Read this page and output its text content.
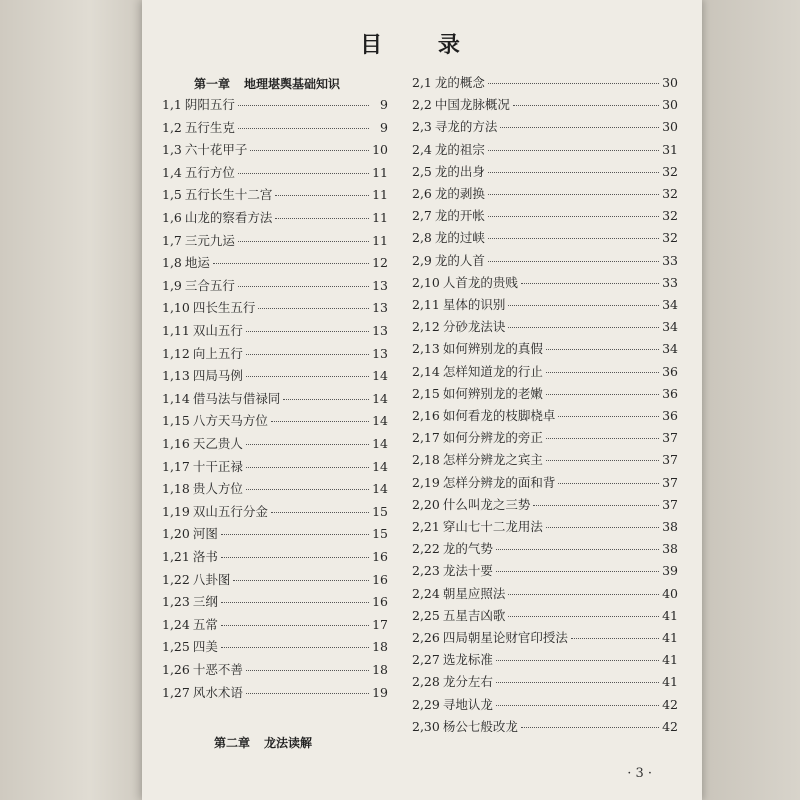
目 录
第一章 地理堪舆基础知识
1,1 阴阳五行	9
1,2 五行生克	9
1,3 六十花甲子	10
1,4 五行方位	11
1,5 五行长生十二宫	11
1,6 山龙的察看方法	11
1,7 三元九运	11
1,8 地运	12
1,9 三合五行	13
1,10 四长生五行	13
1,11 双山五行	13
1,12 向上五行	13
1,13 四局马例	14
1,14 借马法与借禄同	14
1,15 八方天马方位	14
1,16 天乙贵人	14
1,17 十干正禄	14
1,18 贵人方位	14
1,19 双山五行分金	15
1,20 河图	15
1,21 洛书	16
1,22 八卦图	16
1,23 三纲	16
1,24 五常	17
1,25 四美	18
1,26 十恶不善	18
1,27 风水术语	19
第二章 龙法读解
2,1 龙的概念	30
2,2 中国龙脉概况	30
2,3 寻龙的方法	30
2,4 龙的祖宗	31
2,5 龙的出身	32
2,6 龙的剥换	32
2,7 龙的开帐	32
2,8 龙的过峡	32
2,9 龙的人首	33
2,10 人首龙的贵贱	33
2,11 星体的识别	34
2,12 分砂龙法诀	34
2,13 如何辨别龙的真假	34
2,14 怎样知道龙的行止	36
2,15 如何辨别龙的老嫩	36
2,16 如何看龙的枝脚桡卓	36
2,17 如何分辨龙的旁正	37
2,18 怎样分辨龙之宾主	37
2,19 怎样分辨龙的面和背	37
2,20 什么叫龙之三势	37
2,21 穿山七十二龙用法	38
2,22 龙的气势	38
2,23 龙法十要	39
2,24 朝星应照法	40
2,25 五星吉凶歌	41
2,26 四局朝星论财官印授法	41
2,27 选龙标准	41
2,28 龙分左右	41
2,29 寻地认龙	42
2,30 杨公七般改龙	42
· 3 ·
